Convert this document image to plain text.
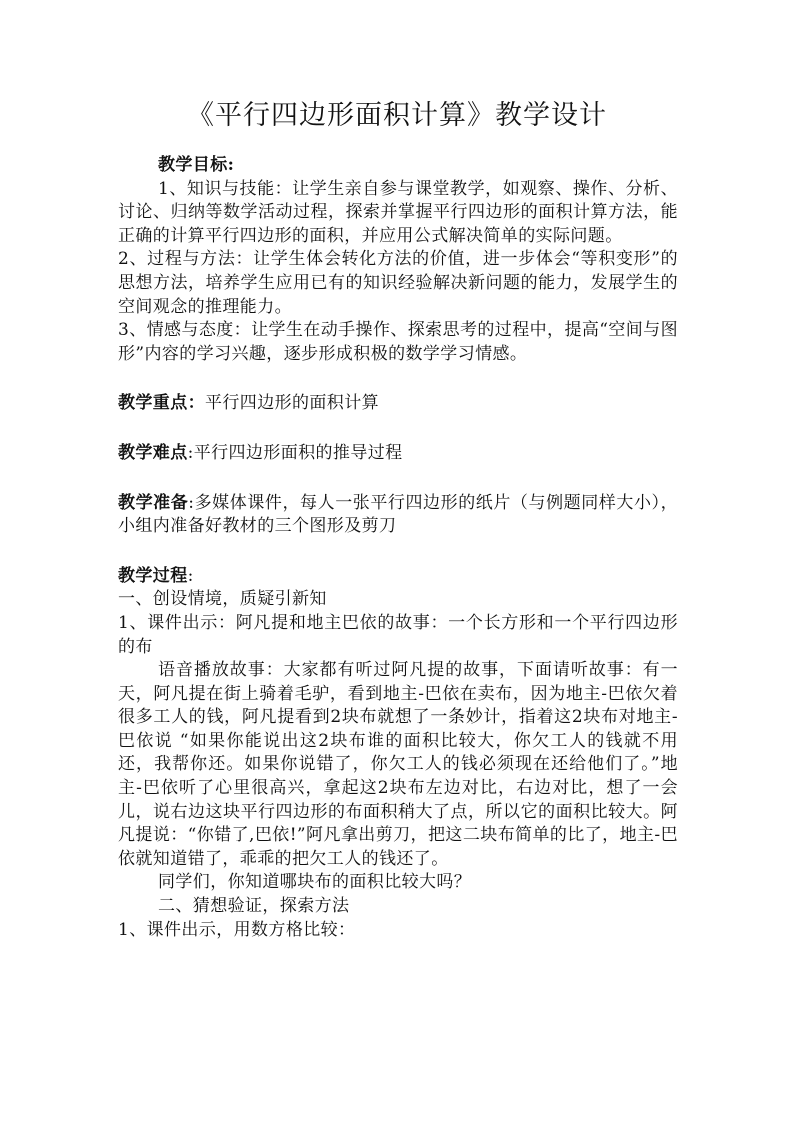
《平行四边形面积计算》教学设计

教学目标:

1、知识与技能：让学生亲自参与课堂教学，如观察、操作、分析、讨论、归纳等数学活动过程，探索并掌握平行四边形的面积计算方法，能正确的计算平行四边形的面积，并应用公式解决简单的实际问题。

2、过程与方法：让学生体会转化方法的价值，进一步体会“等积变形”的思想方法，培养学生应用已有的知识经验解决新问题的能力，发展学生的空间观念的推理能力。

3、情感与态度：让学生在动手操作、探索思考的过程中，提高“空间与图形”内容的学习兴趣，逐步形成积极的数学学习情感。

教学重点：平行四边形的面积计算

教学难点:平行四边形面积的推导过程

教学准备:多媒体课件，每人一张平行四边形的纸片（与例题同样大小），小组内准备好教材的三个图形及剪刀

教学过程:

一、创设情境，质疑引新知

1、课件出示：阿凡提和地主巴依的故事：一个长方形和一个平行四边形的布

语音播放故事：大家都有听过阿凡提的故事，下面请听故事：有一天，阿凡提在街上骑着毛驴，看到地主-巴依在卖布，因为地主-巴依欠着很多工人的钱，阿凡提看到2块布就想了一条妙计，指着这2块布对地主-巴依说 “如果你能说出这2块布谁的面积比较大，你欠工人的钱就不用还，我帮你还。如果你说错了，你欠工人的钱必须现在还给他们了。”地主-巴依听了心里很高兴，拿起这2块布左边对比，右边对比，想了一会儿，说右边这块平行四边形的布面积稍大了点，所以它的面积比较大。阿凡提说：“你错了,巴依!”阿凡拿出剪刀，把这二块布简单的比了，地主-巴依就知道错了，乖乖的把欠工人的钱还了。

同学们，你知道哪块布的面积比较大吗？

二、猜想验证，探索方法

1、课件出示，用数方格比较：
